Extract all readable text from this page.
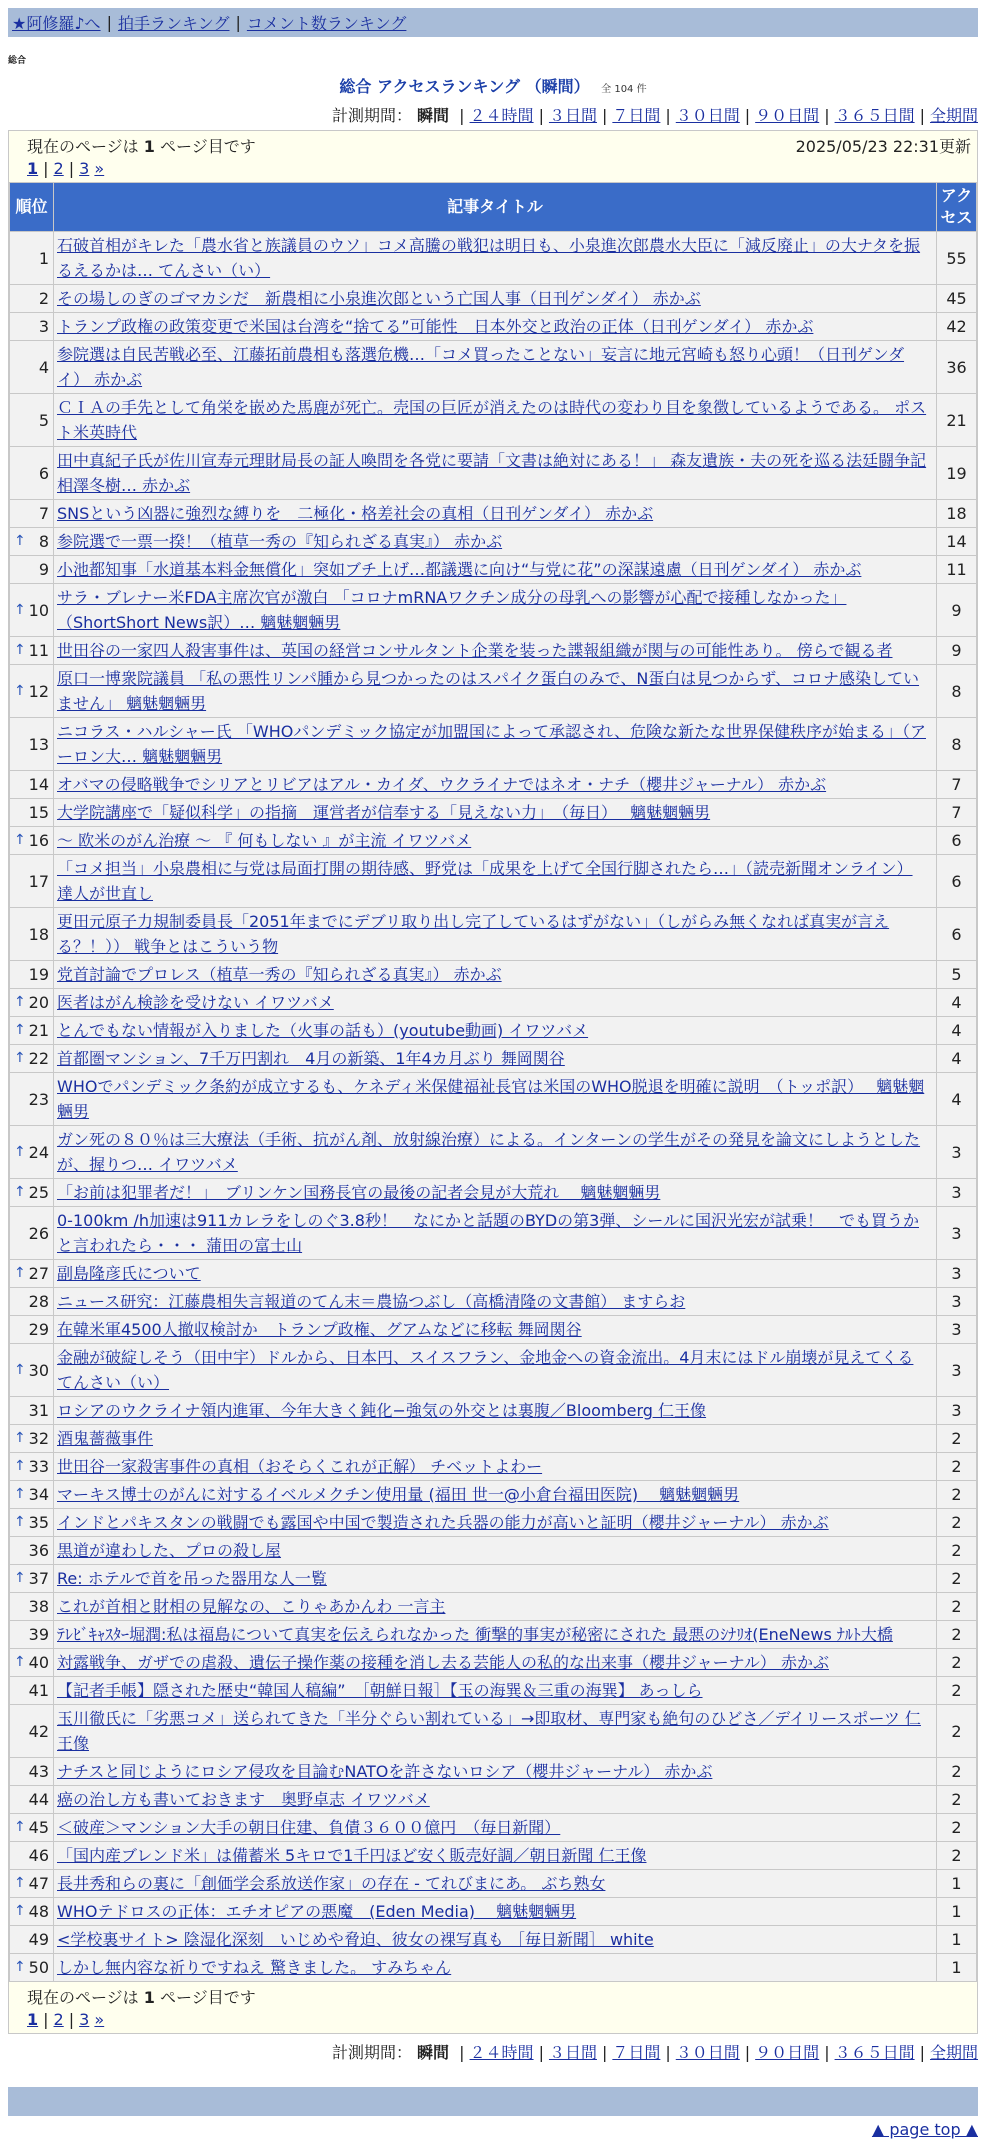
★阿修羅♪へ | 拍手ランキング | コメント数ランキング
総合
総合 アクセスランキング （瞬間） 全 104 件
計測期間： 瞬間 | ２４時間 | ３日間 | ７日間 | ３０日間 | ９０日間 | ３６５日間 | 全期間
現在のページは 1 ページ目です	2025/05/23 22:31更新
1 | 2 | 3 »
順位	記事タイトル	アクセス
1	石破首相がキレた「農水省と族議員のウソ」コメ高騰の戦犯は明日も、小泉進次郎農水大臣に「減反廃止」の大ナタを振るえるかは… てんさい（い）	55
2	その場しのぎのゴマカシだ　新農相に小泉進次郎という亡国人事（日刊ゲンダイ） 赤かぶ	45
3	トランプ政権の政策変更で米国は台湾を“捨てる”可能性　日本外交と政治の正体（日刊ゲンダイ） 赤かぶ	42
4	参院選は自民苦戦必至、江藤拓前農相も落選危機…「コメ買ったことない」妄言に地元宮崎も怒り心頭！（日刊ゲンダイ） 赤かぶ	36
5	ＣＩＡの手先として角栄を嵌めた馬鹿が死亡。売国の巨匠が消えたのは時代の変わり目を象徴しているようである。 ポスト米英時代	21
6	田中真紀子氏が佐川宣寿元理財局長の証人喚問を各党に要請「文書は絶対にある！」 森友遺族・夫の死を巡る法廷闘争記 相澤冬樹… 赤かぶ	19
7	SNSという凶器に強烈な縛りを　二極化・格差社会の真相（日刊ゲンダイ） 赤かぶ	18

↑ 8	参院選で一票一揆！（植草一秀の『知られざる真実』） 赤かぶ	14
9	小池都知事「水道基本料金無償化」突如ブチ上げ…都議選に向け“与党に花”の深謀遠慮（日刊ゲンダイ） 赤かぶ	11

↑ 10	サラ・ブレナー米FDA主席次官が激白 「コロナmRNAワクチン成分の母乳への影響が心配で接種しなかった」（ShortShort News訳）… 魑魅魍魎男	9

↑ 11	世田谷の一家四人殺害事件は、英国の経営コンサルタント企業を装った諜報組織が関与の可能性あり。 傍らで観る者	9

↑ 12	原口一博衆院議員 「私の悪性リンパ腫から見つかったのはスパイク蛋白のみで、N蛋白は見つからず、コロナ感染していません」 魑魅魍魎男	8
13	ニコラス・ハルシャー氏 「WHOパンデミック協定が加盟国によって承認され、危険な新たな世界保健秩序が始まる」（アーロン大… 魑魅魍魎男	8
14	オバマの侵略戦争でシリアとリビアはアル・カイダ、ウクライナではネオ・ナチ（櫻井ジャーナル） 赤かぶ	7
15	大学院講座で「疑似科学」の指摘　運営者が信奉する「見えない力」　（毎日）　 魑魅魍魎男	7

↑ 16	～ 欧米のがん治療 ～ 『 何もしない 』が主流 イワツバメ	6
17	「コメ担当」小泉農相に与党は局面打開の期待感、野党は「成果を上げて全国行脚されたら…」（読売新聞オンライン） 達人が世直し	6
18	更田元原子力規制委員長「2051年までにデブリ取り出し完了しているはずがない」（しがらみ無くなれば真実が言える？！）） 戦争とはこういう物	6
19	党首討論でプロレス（植草一秀の『知られざる真実』） 赤かぶ	5

↑ 20	医者はがん検診を受けない イワツバメ	4

↑ 21	とんでもない情報が入りました（火事の話も）(youtube動画) イワツバメ	4

↑ 22	首都圏マンション、7千万円割れ　4月の新築、1年4カ月ぶり 舞岡関谷	4
23	WHOでパンデミック条約が成立するも、ケネディ米保健福祉長官は米国のWHO脱退を明確に説明　（トッポ訳）　 魑魅魍魎男	4

↑ 24	ガン死の８０％は三大療法（手術、抗がん剤、放射線治療）による。インターンの学生がその発見を論文にしようとしたが、握りつ… イワツバメ	3

↑ 25	「お前は犯罪者だ！」　ブリンケン国務長官の最後の記者会見が大荒れ　 魑魅魍魎男	3
26	0-100km /h加速は911カレラをしのぐ3.8秒！　なにかと話題のBYDの第3弾、シールに国沢光宏が試乗！　でも買うかと言われたら・・・ 蒲田の富士山	3

↑ 27	副島隆彦氏について	3
28	ニュース研究：江藤農相失言報道のてん末＝農協つぶし（高橋清隆の文書館） ますらお	3
29	在韓米軍4500人撤収検討か　トランプ政権、グアムなどに移転 舞岡関谷	3

↑ 30	金融が破綻しそう（田中宇）ドルから、日本円、スイスフラン、金地金への資金流出。4月末にはドル崩壊が見えてくる てんさい（い）	3
31	ロシアのウクライナ領内進軍、今年大きく鈍化−強気の外交とは裏腹／Bloomberg 仁王像	3

↑ 32	酒鬼薔薇事件	2

↑ 33	世田谷一家殺害事件の真相（おそらくこれが正解） チベットよわー	2

↑ 34	マーキス博士のがんに対するイベルメクチン使用量 (福田 世一@小倉台福田医院)　 魑魅魍魎男	2

↑ 35	インドとパキスタンの戦闘でも露国や中国で製造された兵器の能力が高いと証明（櫻井ジャーナル） 赤かぶ	2
36	黒道が違わした、プロの殺し屋	2

↑ 37	Re: ホテルで首を吊った器用な人一覧	2
38	これが首相と財相の見解なの、こりゃあかんわ 一言主	2
39	ﾃﾚﾋﾞｷｬｽﾀｰ堀潤:私は福島について真実を伝えられなかった 衝撃的事実が秘密にされた 最悪のｼﾅﾘｵ(EneNews ﾅﾙﾄ大橋	2

↑ 40	対露戦争、ガザでの虐殺、遺伝子操作薬の接種を消し去る芸能人の私的な出来事（櫻井ジャーナル） 赤かぶ	2
41	【記者手帳】隠された歴史“韓国人稿編”　［朝鮮日報］【玉の海巽＆三重の海巽】 あっしら	2
42	玉川徹氏に「劣悪コメ」送られてきた「半分ぐらい割れている」→即取材、専門家も絶句のひどさ／デイリースポーツ 仁王像	2
43	ナチスと同じようにロシア侵攻を目論むNATOを許さないロシア（櫻井ジャーナル） 赤かぶ	2
44	癌の治し方も書いておきます　奥野卓志 イワツバメ	2

↑ 45	＜破産＞マンション大手の朝日住建、負債３６００億円　（毎日新聞）	2
46	「国内産ブレンド米」は備蓄米 5キロで1千円ほど安く販売好調／朝日新聞 仁王像	2

↑ 47	長井秀和らの裏に「創価学会系放送作家」の存在 - てれびまにあ。 ぶち熟女	1

↑ 48	WHOテドロスの正体：エチオピアの悪魔　(Eden Media)　 魑魅魍魎男	1
49	<学校裏サイト> 陰湿化深刻　いじめや脅迫、彼女の裸写真も ［毎日新聞］ white	1

↑ 50	しかし無内容な祈りですねえ 驚きました。 すみちゃん	1
現在のページは 1 ページ目です
1 | 2 | 3 »
計測期間： 瞬間 | ２４時間 | ３日間 | ７日間 | ３０日間 | ９０日間 | ３６５日間 | 全期間
▲ page top ▲
